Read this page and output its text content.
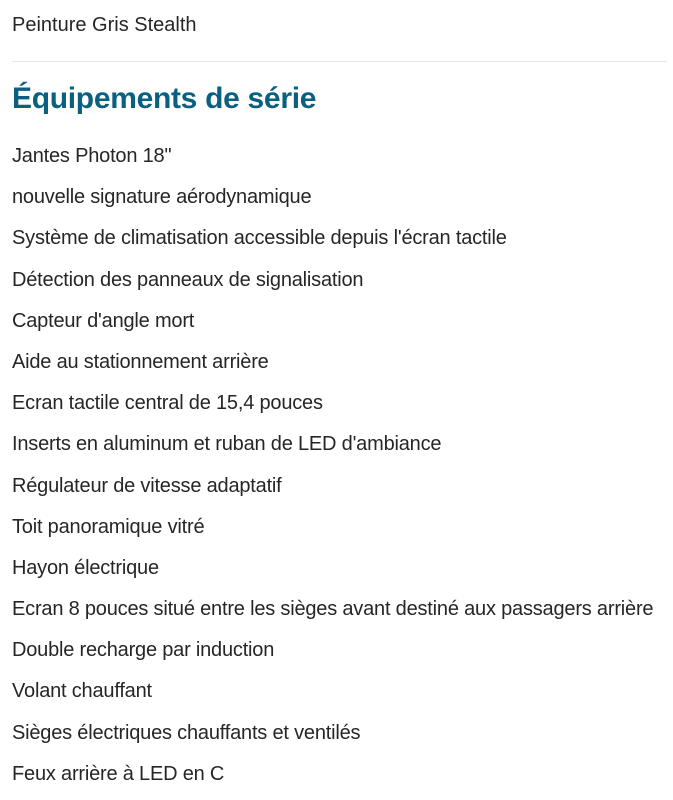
Peinture Gris Stealth
Équipements de série
Jantes Photon 18"
nouvelle signature aérodynamique
Système de climatisation accessible depuis l'écran tactile
Détection des panneaux de signalisation
Capteur d'angle mort
Aide au stationnement arrière
Ecran tactile central de 15,4 pouces
Inserts en aluminum et ruban de LED d'ambiance
Régulateur de vitesse adaptatif
Toit panoramique vitré
Hayon électrique
Ecran 8 pouces situé entre les sièges avant destiné aux passagers arrière
Double recharge par induction
Volant chauffant
Sièges électriques chauffants et ventilés
Feux arrière à LED en C
